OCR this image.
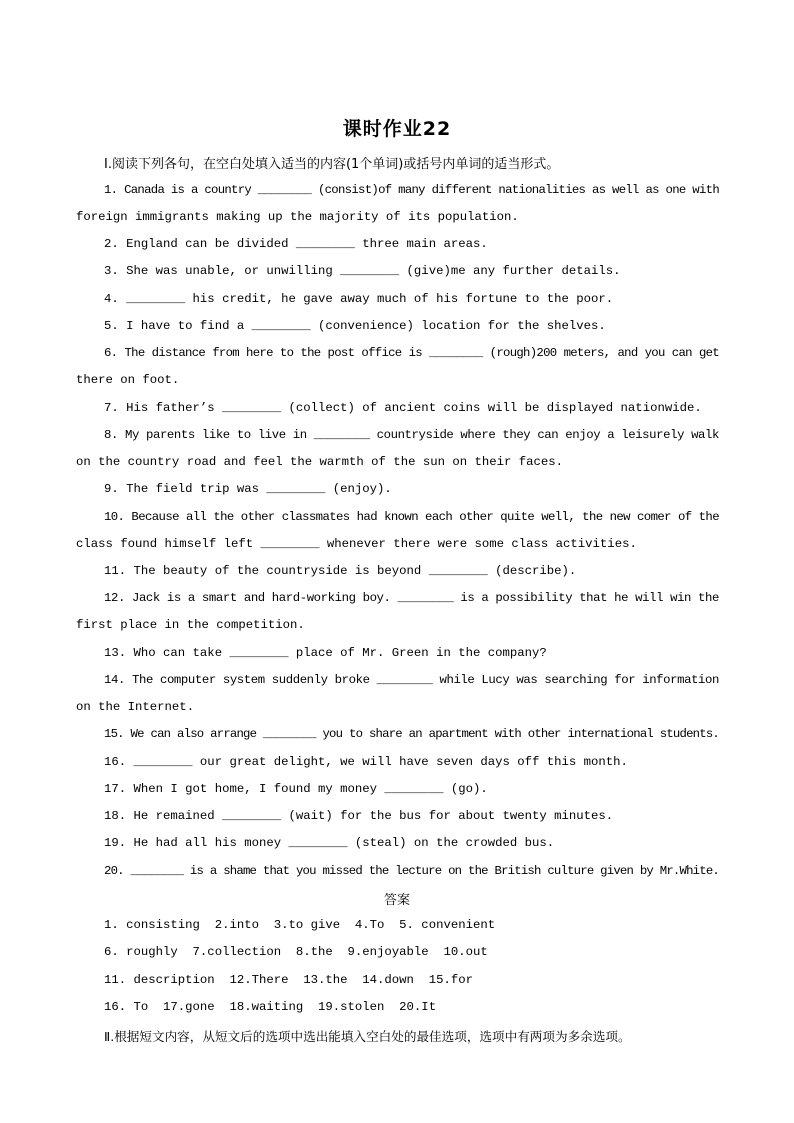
课时作业22
Ⅰ.阅读下列各句，在空白处填入适当的内容(1个单词)或括号内单词的适当形式。
1. Canada is a country ________ (consist)of many different nationalities as well as one with
foreign immigrants making up the majority of its population.
2. England can be divided ________ three main areas.
3. She was unable, or unwilling ________ (give)me any further details.
4. ________ his credit, he gave away much of his fortune to the poor.
5. I have to find a ________ (convenience) location for the shelves.
6. The distance from here to the post office is ________ (rough)200 meters, and you can get
there on foot.
7. His father’s ________ (collect) of ancient coins will be displayed nationwide.
8. My parents like to live in ________ countryside where they can enjoy a leisurely walk
on the country road and feel the warmth of the sun on their faces.
9. The field trip was ________ (enjoy).
10. Because all the other classmates had known each other quite well, the new comer of the
class found himself left ________ whenever there were some class activities.
11. The beauty of the countryside is beyond ________ (describe).
12. Jack is a smart and hard-working boy. ________ is a possibility that he will win the
first place in the competition.
13. Who can take ________ place of Mr. Green in the company?
14. The computer system suddenly broke ________ while Lucy was searching for information
on the Internet.
15. We can also arrange ________ you to share an apartment with other international students.
16. ________ our great delight, we will have seven days off this month.
17. When I got home, I found my money ________ (go).
18. He remained ________ (wait) for the bus for about twenty minutes.
19. He had all his money ________ (steal) on the crowded bus.
20. ________ is a shame that you missed the lecture on the British culture given by Mr.White.
答案
1. consisting  2.into  3.to give  4.To  5. convenient
6. roughly  7.collection  8.the  9.enjoyable  10.out
11. description  12.There  13.the  14.down  15.for
16. To  17.gone  18.waiting  19.stolen  20.It
Ⅱ.根据短文内容，从短文后的选项中选出能填入空白处的最佳选项，选项中有两项为多余选项。
